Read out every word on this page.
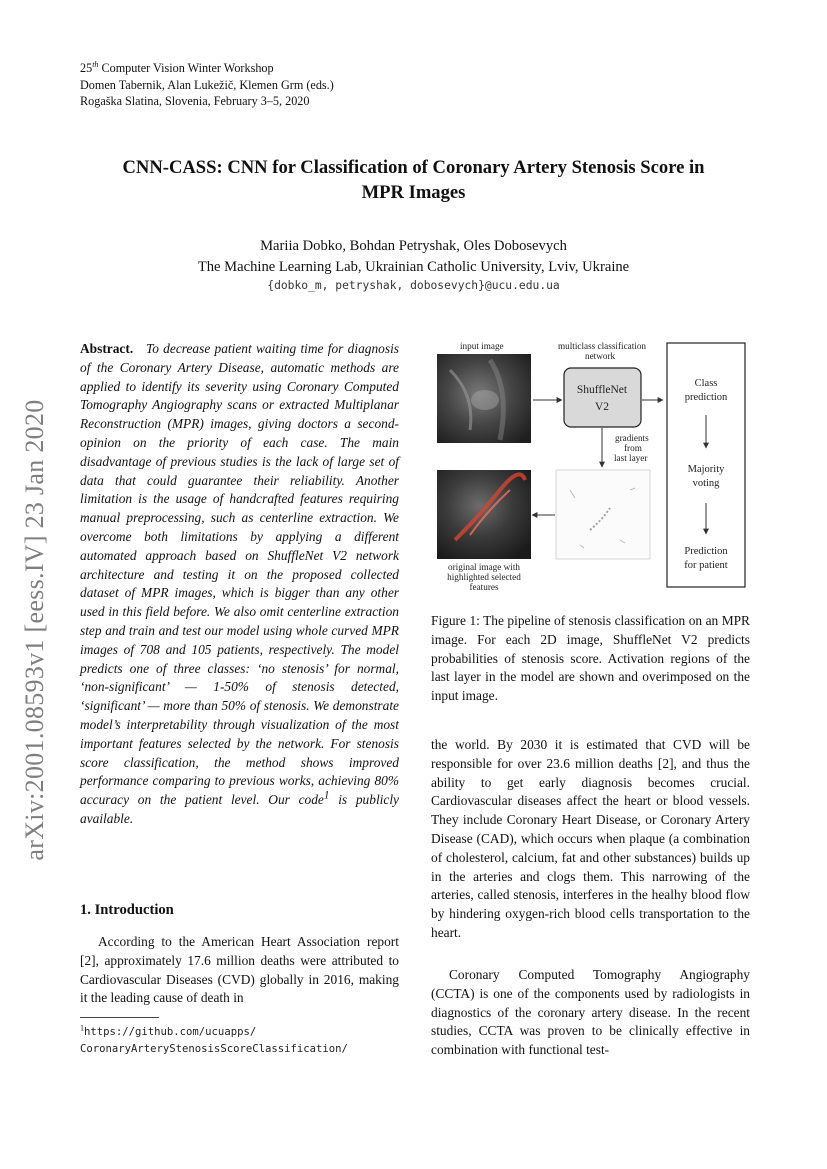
25th Computer Vision Winter Workshop
Domen Tabernik, Alan Lukežič, Klemen Grm (eds.)
Rogaška Slatina, Slovenia, February 3–5, 2020
CNN-CASS: CNN for Classification of Coronary Artery Stenosis Score in
MPR Images
Mariia Dobko, Bohdan Petryshak, Oles Dobosevych
The Machine Learning Lab, Ukrainian Catholic University, Lviv, Ukraine
{dobko_m, petryshak, dobosevych}@ucu.edu.ua
arXiv:2001.08593v1 [eess.IV] 23 Jan 2020
Abstract. To decrease patient waiting time for diagnosis of the Coronary Artery Disease, automatic methods are applied to identify its severity using Coronary Computed Tomography Angiography scans or extracted Multiplanar Reconstruction (MPR) images, giving doctors a second-opinion on the priority of each case. The main disadvantage of previous studies is the lack of large set of data that could guarantee their reliability. Another limitation is the usage of handcrafted features requiring manual preprocessing, such as centerline extraction. We overcome both limitations by applying a different automated approach based on ShuffleNet V2 network architecture and testing it on the proposed collected dataset of MPR images, which is bigger than any other used in this field before. We also omit centerline extraction step and train and test our model using whole curved MPR images of 708 and 105 patients, respectively. The model predicts one of three classes: ‘no stenosis’ for normal, ‘non-significant’ — 1-50% of stenosis detected, ‘significant’ — more than 50% of stenosis. We demonstrate model’s interpretability through visualization of the most important features selected by the network. For stenosis score classification, the method shows improved performance comparing to previous works, achieving 80% accuracy on the patient level. Our code$^1$ is publicly available.
1. Introduction
According to the American Heart Association report [2], approximately 17.6 million deaths were attributed to Cardiovascular Diseases (CVD) globally in 2016, making it the leading cause of death in
$^1$https://github.com/ucuapps/
CoronaryArteryStenosisScoreClassification/
input image	multiclass classification
network
ShuffleNet
V2
gradients
from
last layer
original image with
highlighted selected
features
Class
prediction
Majority
voting
Prediction
for patient
Figure 1: The pipeline of stenosis classification on an MPR image. For each 2D image, ShuffleNet V2 predicts probabilities of stenosis score. Activation regions of the last layer in the model are shown and overimposed on the input image.
the world. By 2030 it is estimated that CVD will be responsible for over 23.6 million deaths [2], and thus the ability to get early diagnosis becomes crucial. Cardiovascular diseases affect the heart or blood vessels. They include Coronary Heart Disease, or Coronary Artery Disease (CAD), which occurs when plaque (a combination of cholesterol, calcium, fat and other substances) builds up in the arteries and clogs them. This narrowing of the arteries, called stenosis, interferes in the healhy blood flow by hindering oxygen-rich blood cells transportation to the heart.
Coronary Computed Tomography Angiography (CCTA) is one of the components used by radiologists in diagnostics of the coronary artery disease. In the recent studies, CCTA was proven to be clinically effective in combination with functional test-
